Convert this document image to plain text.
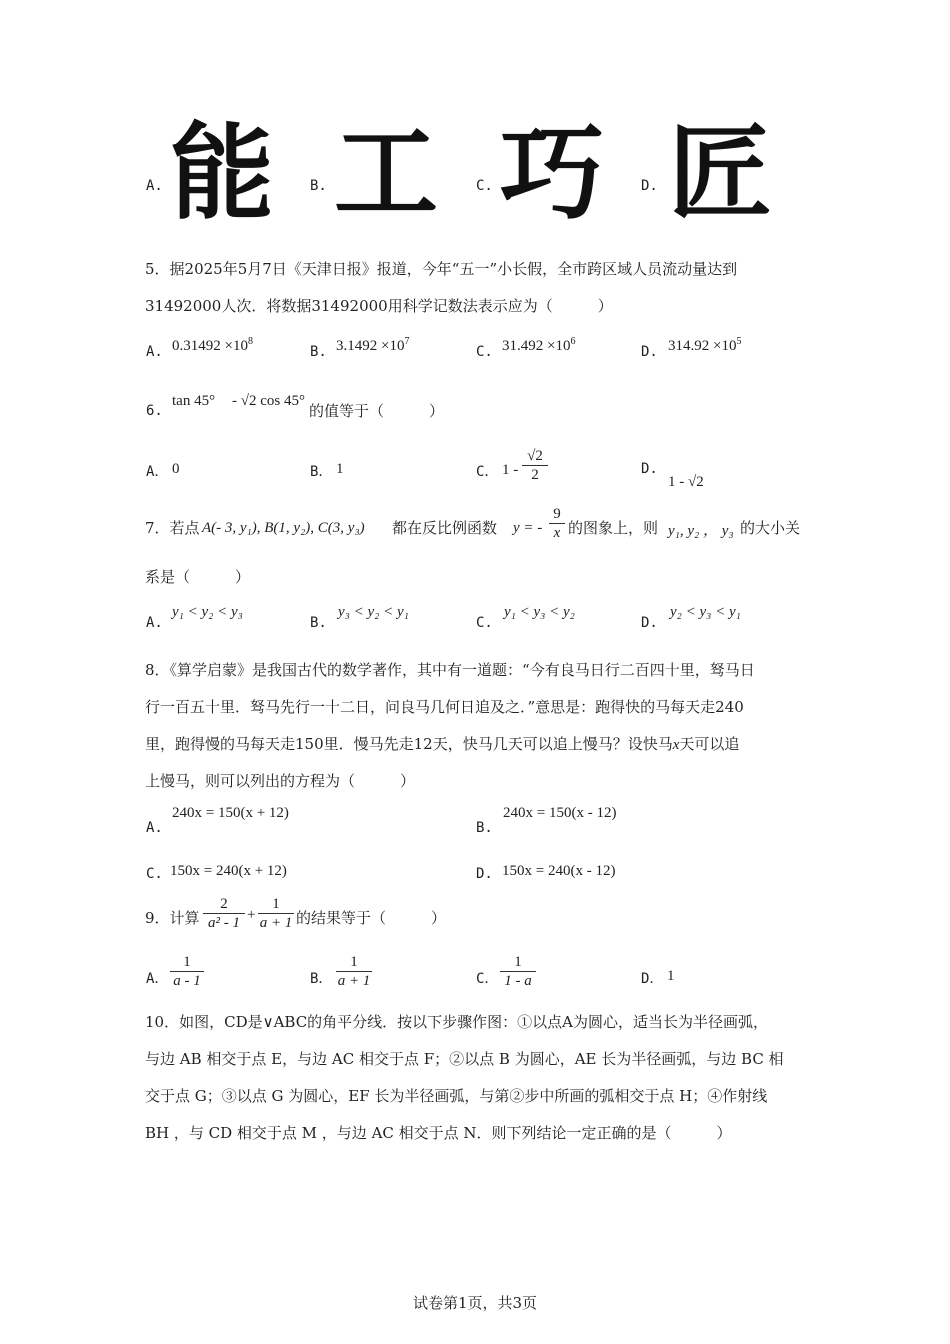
A. 能	B. 工	C. 巧	D. 匠
5．据2025年5月7日《天津日报》报道，今年“五一”小长假，全市跨区域人员流动量达到
31492000人次．将数据31492000用科学记数法表示应为（　　　）
A. $0.31492 \times 10^8$
B. $3.1492 \times 10^7$
C. $31.492 \times 10^6$
D. $314.92 \times 10^5$
6.
tan 45° - √2 cos 45°
的值等于（　　　）
A． 0	B． 1	C． $1 - \frac{√2}{2}$	D.
1 - √2
7．若点 A(- 3, y₁), B(1, y₂), C(3, y₃) 都在反比例函数 y = - $\frac{9}{x}$ 的图象上，则 y₁, y₂ ， y₃ 的大小关
系是（　　　）
A.
y₁ < y₂ < y₃
B.
y₃ < y₂ < y₁
C.
y₁ < y₃ < y₂
D.
y₂ < y₃ < y₁
8．《算学启蒙》是我国古代的数学著作，其中有一道题：“今有良马日行二百四十里，驽马日
行一百五十里．驽马先行一十二日，问良马几何日追及之．”意思是：跑得快的马每天走240
里，跑得慢的马每天走150里．慢马先走12天，快马几天可以追上慢马？设快马x天可以追
上慢马，则可以列出的方程为（　　　）
A.
240x = 150(x + 12)
B.
240x = 150(x - 12)
C. 150x = 240(x + 12)	D. 150x = 240(x - 12)
9．计算 $\frac{2}{\text{a² - 1}} + \frac{1}{a + 1}$ 的结果等于（　　　）
A． $\frac{1}{a - 1}$	B． $\frac{1}{a + 1}$	C． $\frac{1}{1 - a}$	D． 1
10．如图，CD是∨ABC的角平分线．按以下步骤作图：①以点A为圆心，适当长为半径画弧，
与边 AB 相交于点 E，与边 AC 相交于点 F；②以点 B 为圆心，AE 长为半径画弧，与边 BC 相
交于点 G；③以点 G 为圆心，EF 长为半径画弧，与第②步中所画的弧相交于点 H；④作射线
BH ，与 CD 相交于点 M ，与边 AC 相交于点 N．则下列结论一定正确的是（　　　）
试卷第1页，共3页
